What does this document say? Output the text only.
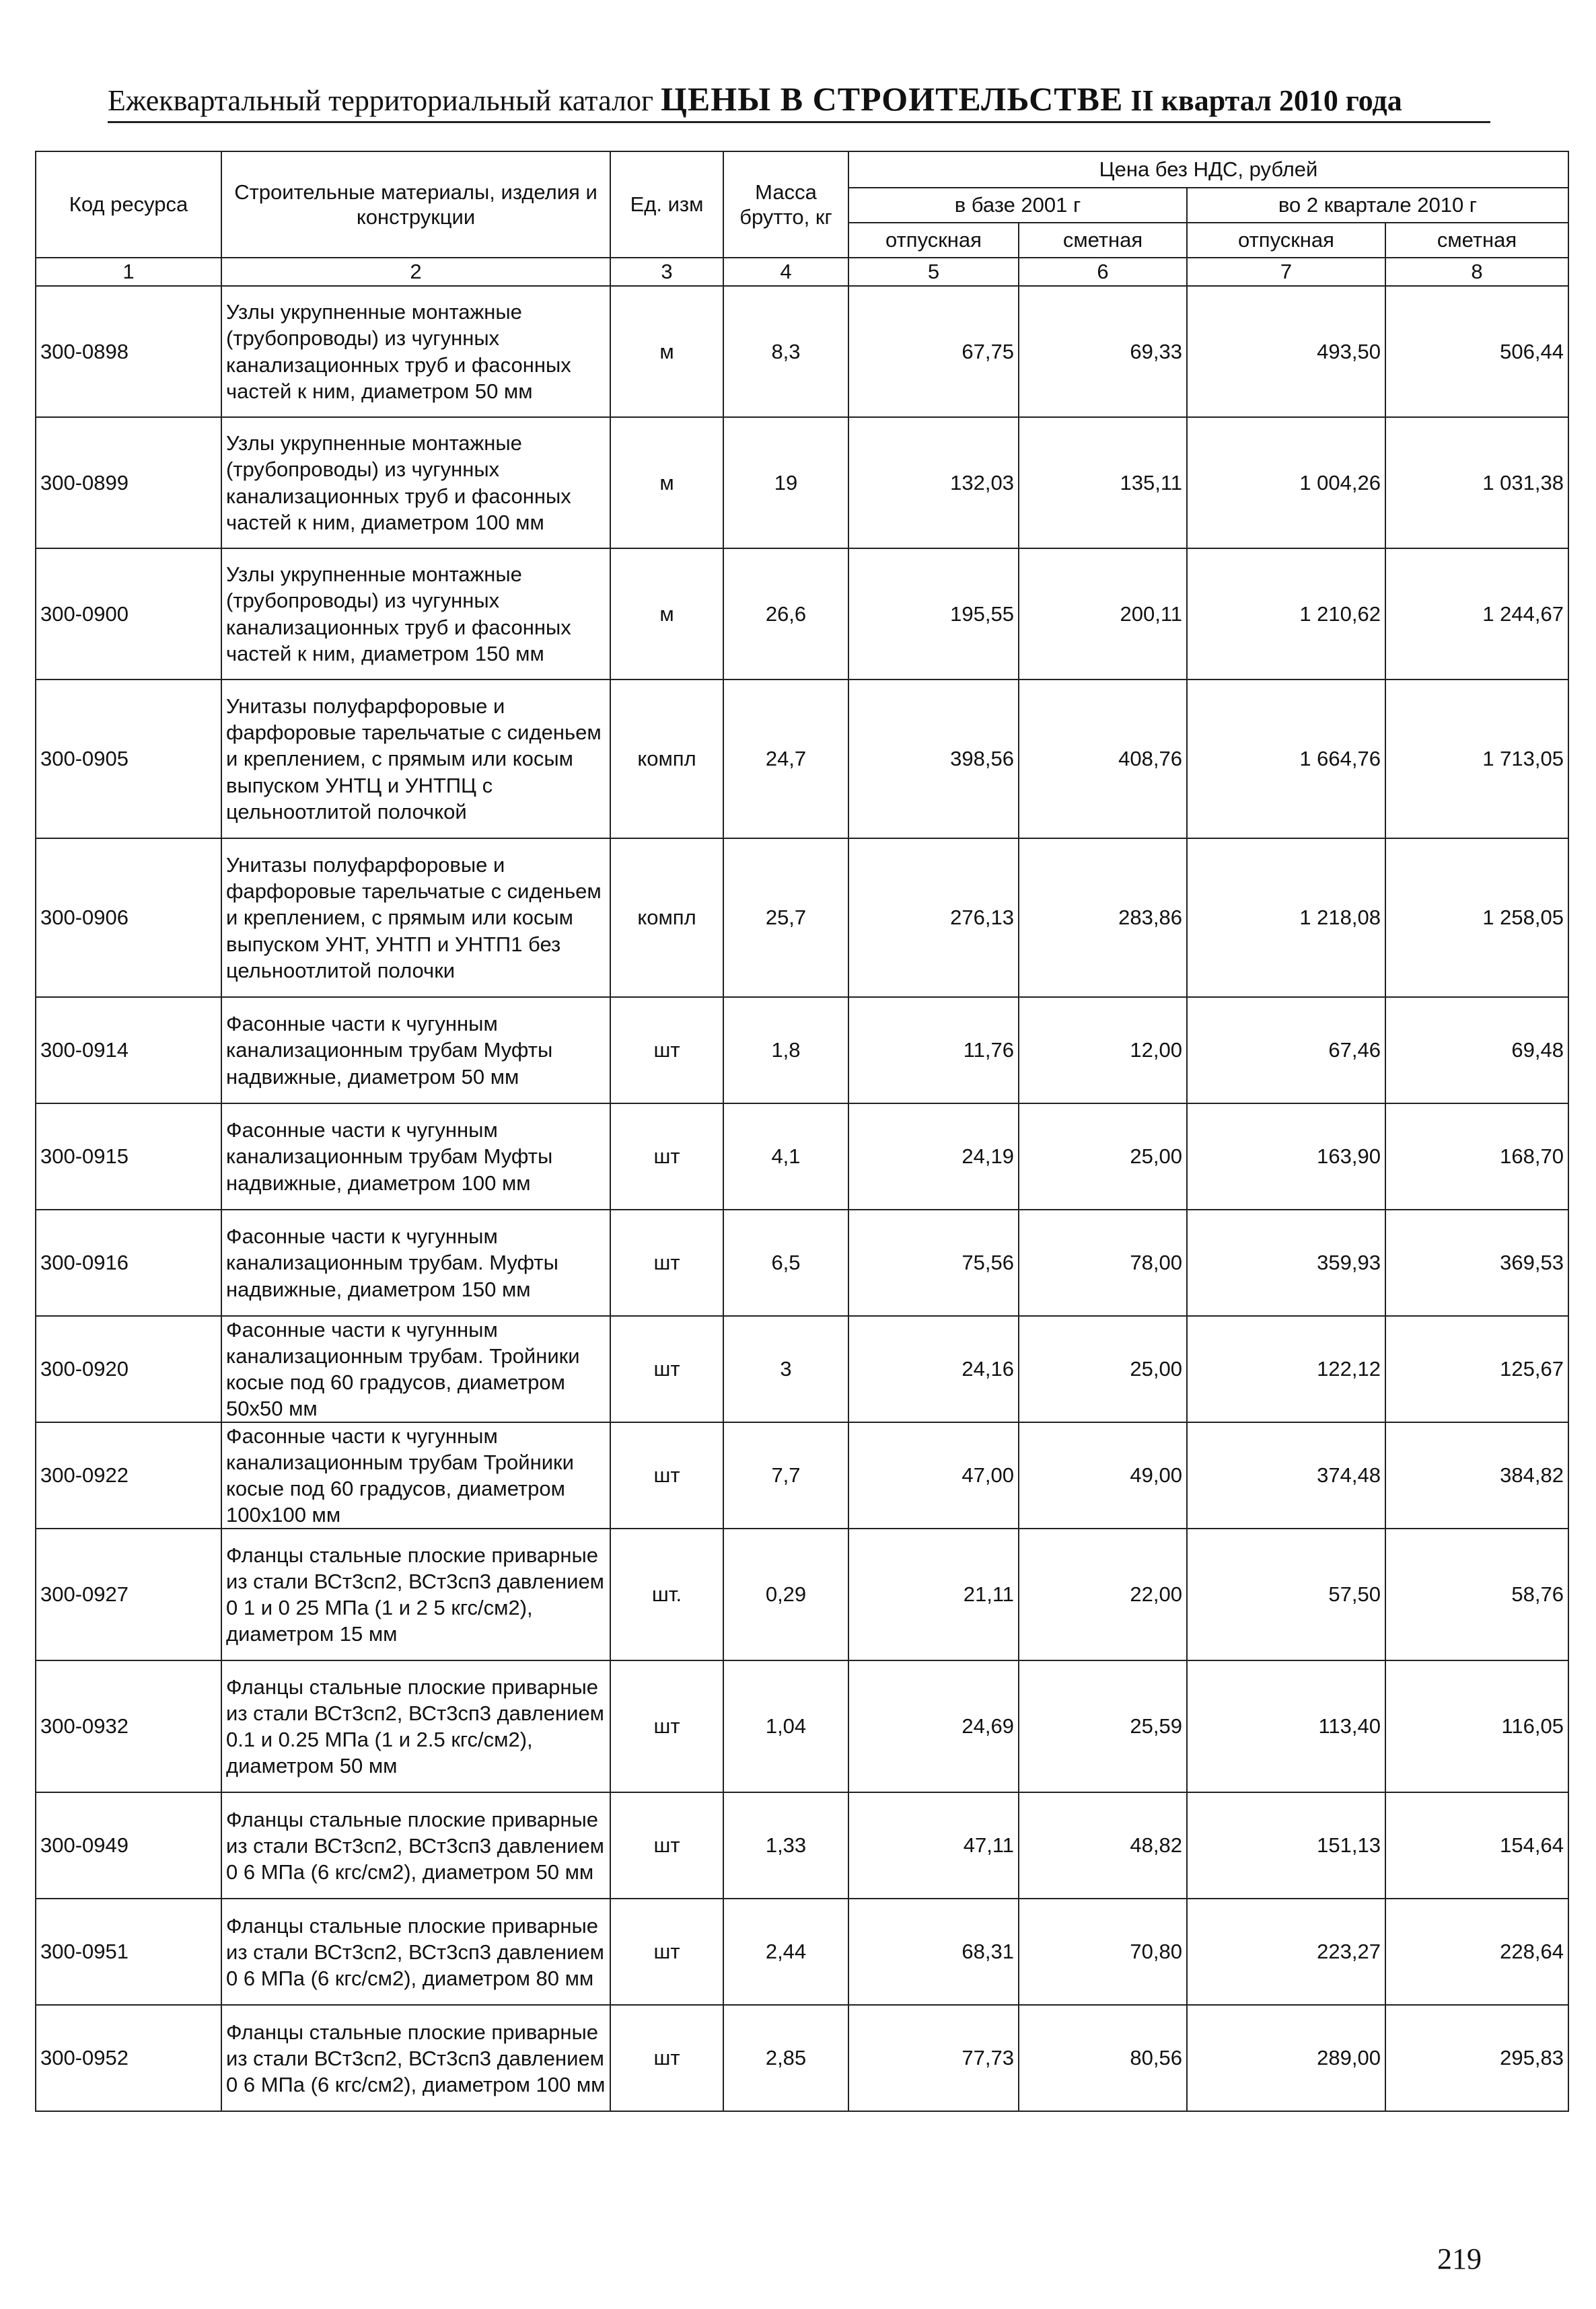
Ежеквартальный территориальный каталог ЦЕНЫ В СТРОИТЕЛЬСТВЕ II квартал 2010 года
Код ресурса	Строительные материалы, изделия и конструкции	Ед. изм	Масса брутто, кг	Цена без НДС, рублей			
				в базе 2001 г		во 2 квартале 2010 г	
				отпускная	сметная	отпускная	сметная
1	2	3	4	5	6	7	8
300-0898	Узлы укрупненные монтажные (трубопроводы) из чугунных канализационных труб и фасонных частей к ним, диаметром 50 мм	м	8,3	67,75	69,33	493,50	506,44
300-0899	Узлы укрупненные монтажные (трубопроводы) из чугунных канализационных труб и фасонных частей к ним, диаметром 100 мм	м	19	132,03	135,11	1 004,26	1 031,38
300-0900	Узлы укрупненные монтажные (трубопроводы) из чугунных канализационных труб и фасонных частей к ним, диаметром 150 мм	м	26,6	195,55	200,11	1 210,62	1 244,67
300-0905	Унитазы полуфарфоровые и фарфоровые тарельчатые с сиденьем и креплением, с прямым или косым выпуском УНТЦ и УНТПЦ с цельноотлитой полочкой	компл	24,7	398,56	408,76	1 664,76	1 713,05
300-0906	Унитазы полуфарфоровые и фарфоровые тарельчатые с сиденьем и креплением, с прямым или косым выпуском УНТ, УНТП и УНТП1 без цельноотлитой полочки	компл	25,7	276,13	283,86	1 218,08	1 258,05
300-0914	Фасонные части к чугунным канализационным трубам Муфты надвижные, диаметром 50 мм	шт	1,8	11,76	12,00	67,46	69,48
300-0915	Фасонные части к чугунным канализационным трубам Муфты надвижные, диаметром 100 мм	шт	4,1	24,19	25,00	163,90	168,70
300-0916	Фасонные части к чугунным канализационным трубам. Муфты надвижные, диаметром 150 мм	шт	6,5	75,56	78,00	359,93	369,53
300-0920	Фасонные части к чугунным канализационным трубам. Тройники косые под 60 градусов, диаметром 50x50 мм	шт	3	24,16	25,00	122,12	125,67
300-0922	Фасонные части к чугунным канализационным трубам Тройники косые под 60 градусов, диаметром 100x100 мм	шт	7,7	47,00	49,00	374,48	384,82
300-0927	Фланцы стальные плоские приварные из стали ВСт3сп2, ВСт3сп3 давлением 0 1 и 0 25 МПа (1 и 2 5 кгс/см2), диаметром 15 мм	шт.	0,29	21,11	22,00	57,50	58,76
300-0932	Фланцы стальные плоские приварные из стали ВСт3сп2, ВСт3сп3 давлением 0.1 и 0.25 МПа (1 и 2.5 кгс/см2), диаметром 50 мм	шт	1,04	24,69	25,59	113,40	116,05
300-0949	Фланцы стальные плоские приварные из стали ВСт3сп2, ВСт3сп3 давлением 0 6 МПа (6 кгс/см2), диаметром 50 мм	шт	1,33	47,11	48,82	151,13	154,64
300-0951	Фланцы стальные плоские приварные из стали ВСт3сп2, ВСт3сп3 давлением 0 6 МПа (6 кгс/см2), диаметром 80 мм	шт	2,44	68,31	70,80	223,27	228,64
300-0952	Фланцы стальные плоские приварные из стали ВСт3сп2, ВСт3сп3 давлением 0 6 МПа (6 кгс/см2), диаметром 100 мм	шт	2,85	77,73	80,56	289,00	295,83
219
